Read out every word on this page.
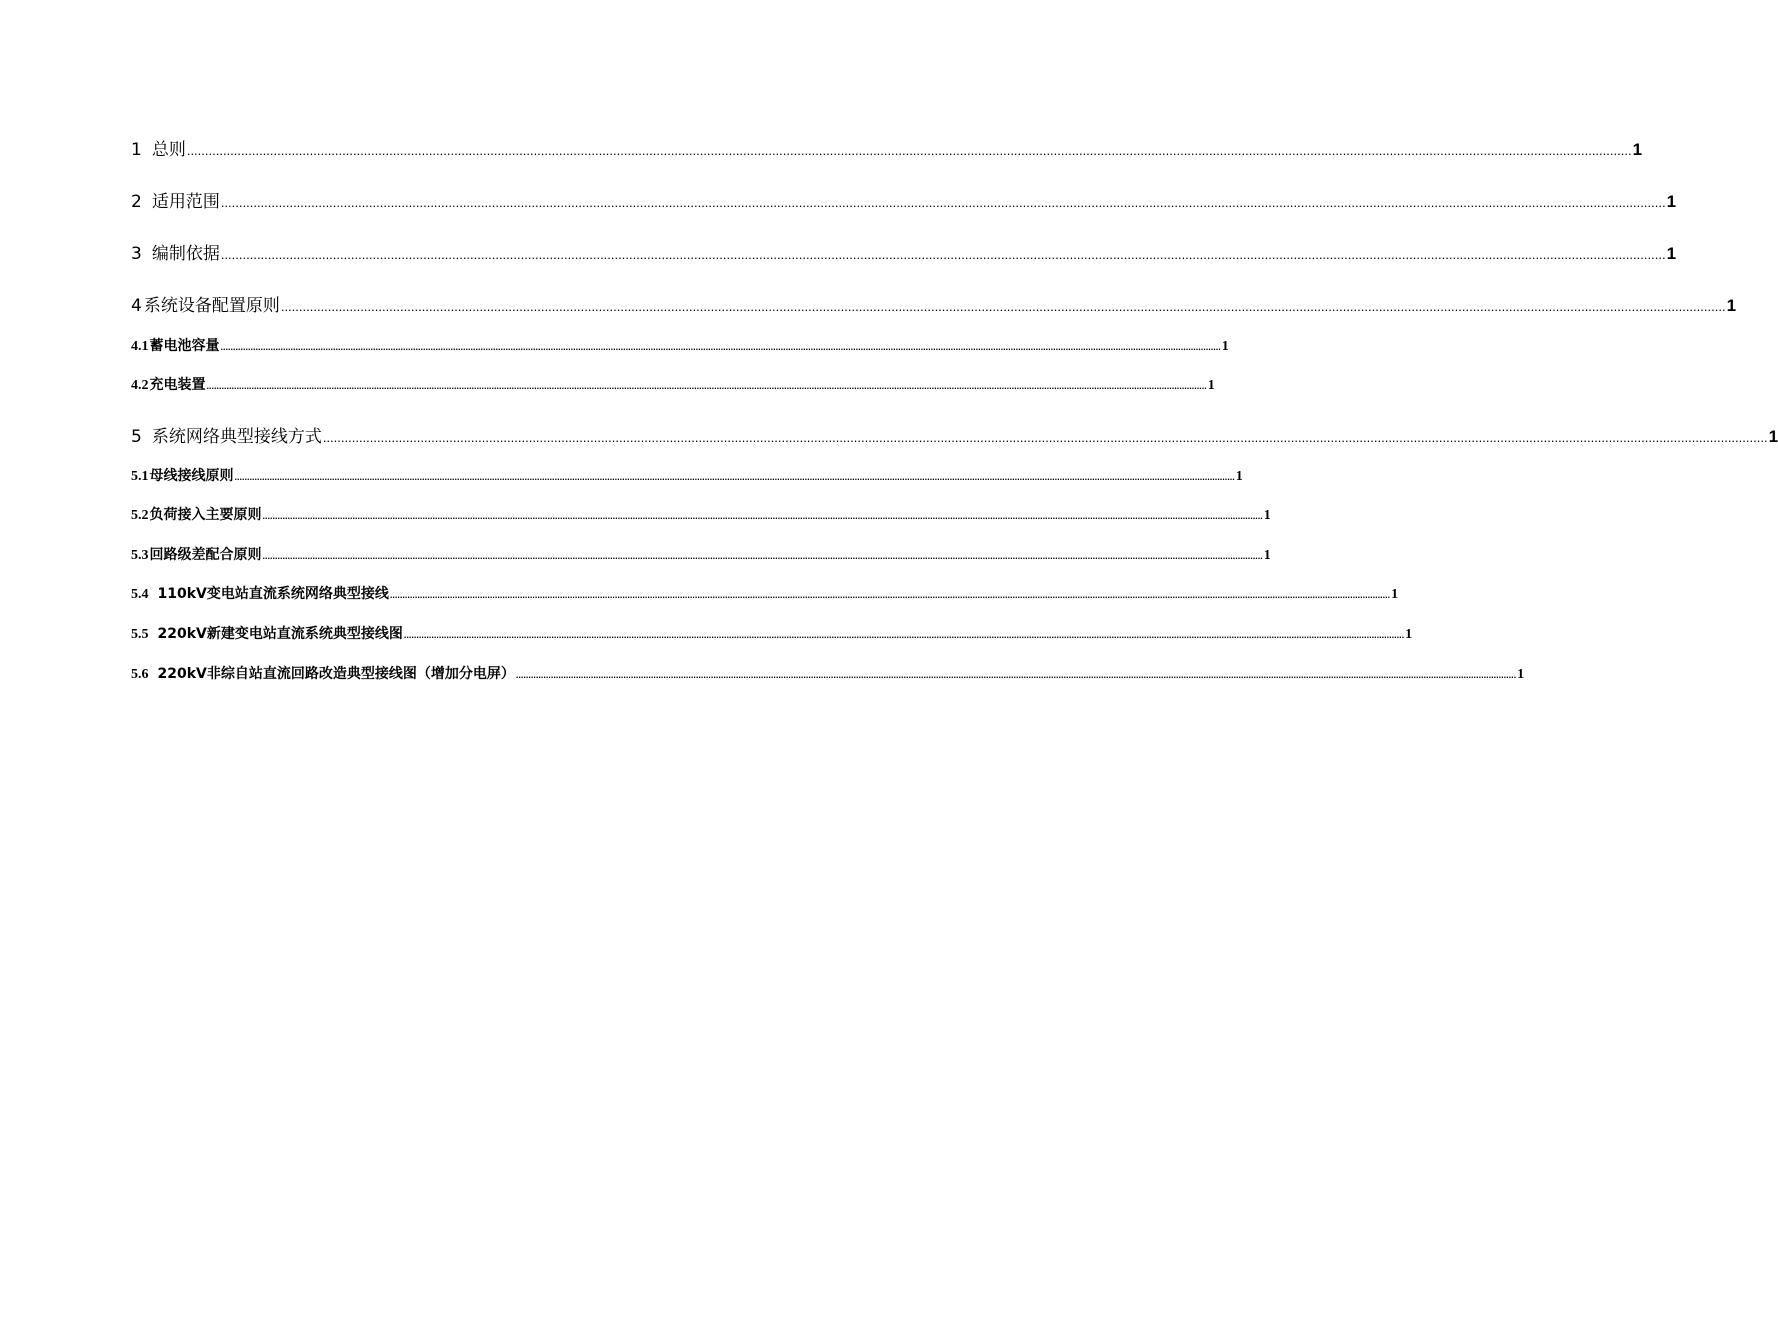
1 总则 ................................................................................................................................................................................................................................................................................................................................................................................................................ 1
2 适用范围 ................................................................................................................................................................................................................................................................................................................................................................................................................ 1
3 编制依据 ................................................................................................................................................................................................................................................................................................................................................................................................................ 1
4 系统设备配置原则 ................................................................................................................................................................................................................................................................................................................................................................................................................ 1
4.1 蓄电池容量 ................................................................................................................................................................................................................................................................................................................................................................................................................ 1
4.2 充电装置 ................................................................................................................................................................................................................................................................................................................................................................................................................ 1
5 系统网络典型接线方式 ................................................................................................................................................................................................................................................................................................................................................................................................................ 1
5.1 母线接线原则 ................................................................................................................................................................................................................................................................................................................................................................................................................ 1
5.2 负荷接入主要原则 ................................................................................................................................................................................................................................................................................................................................................................................................................ 1
5.3 回路级差配合原则 ................................................................................................................................................................................................................................................................................................................................................................................................................ 1
5.4 110kV变电站直流系统网络典型接线 ................................................................................................................................................................................................................................................................................................................................................................................................................ 1
5.5 220kV新建变电站直流系统典型接线图 ................................................................................................................................................................................................................................................................................................................................................................................................................ 1
5.6 220kV非综自站直流回路改造典型接线图（增加分电屏） ................................................................................................................................................................................................................................................................................................................................................................................................................ 1
